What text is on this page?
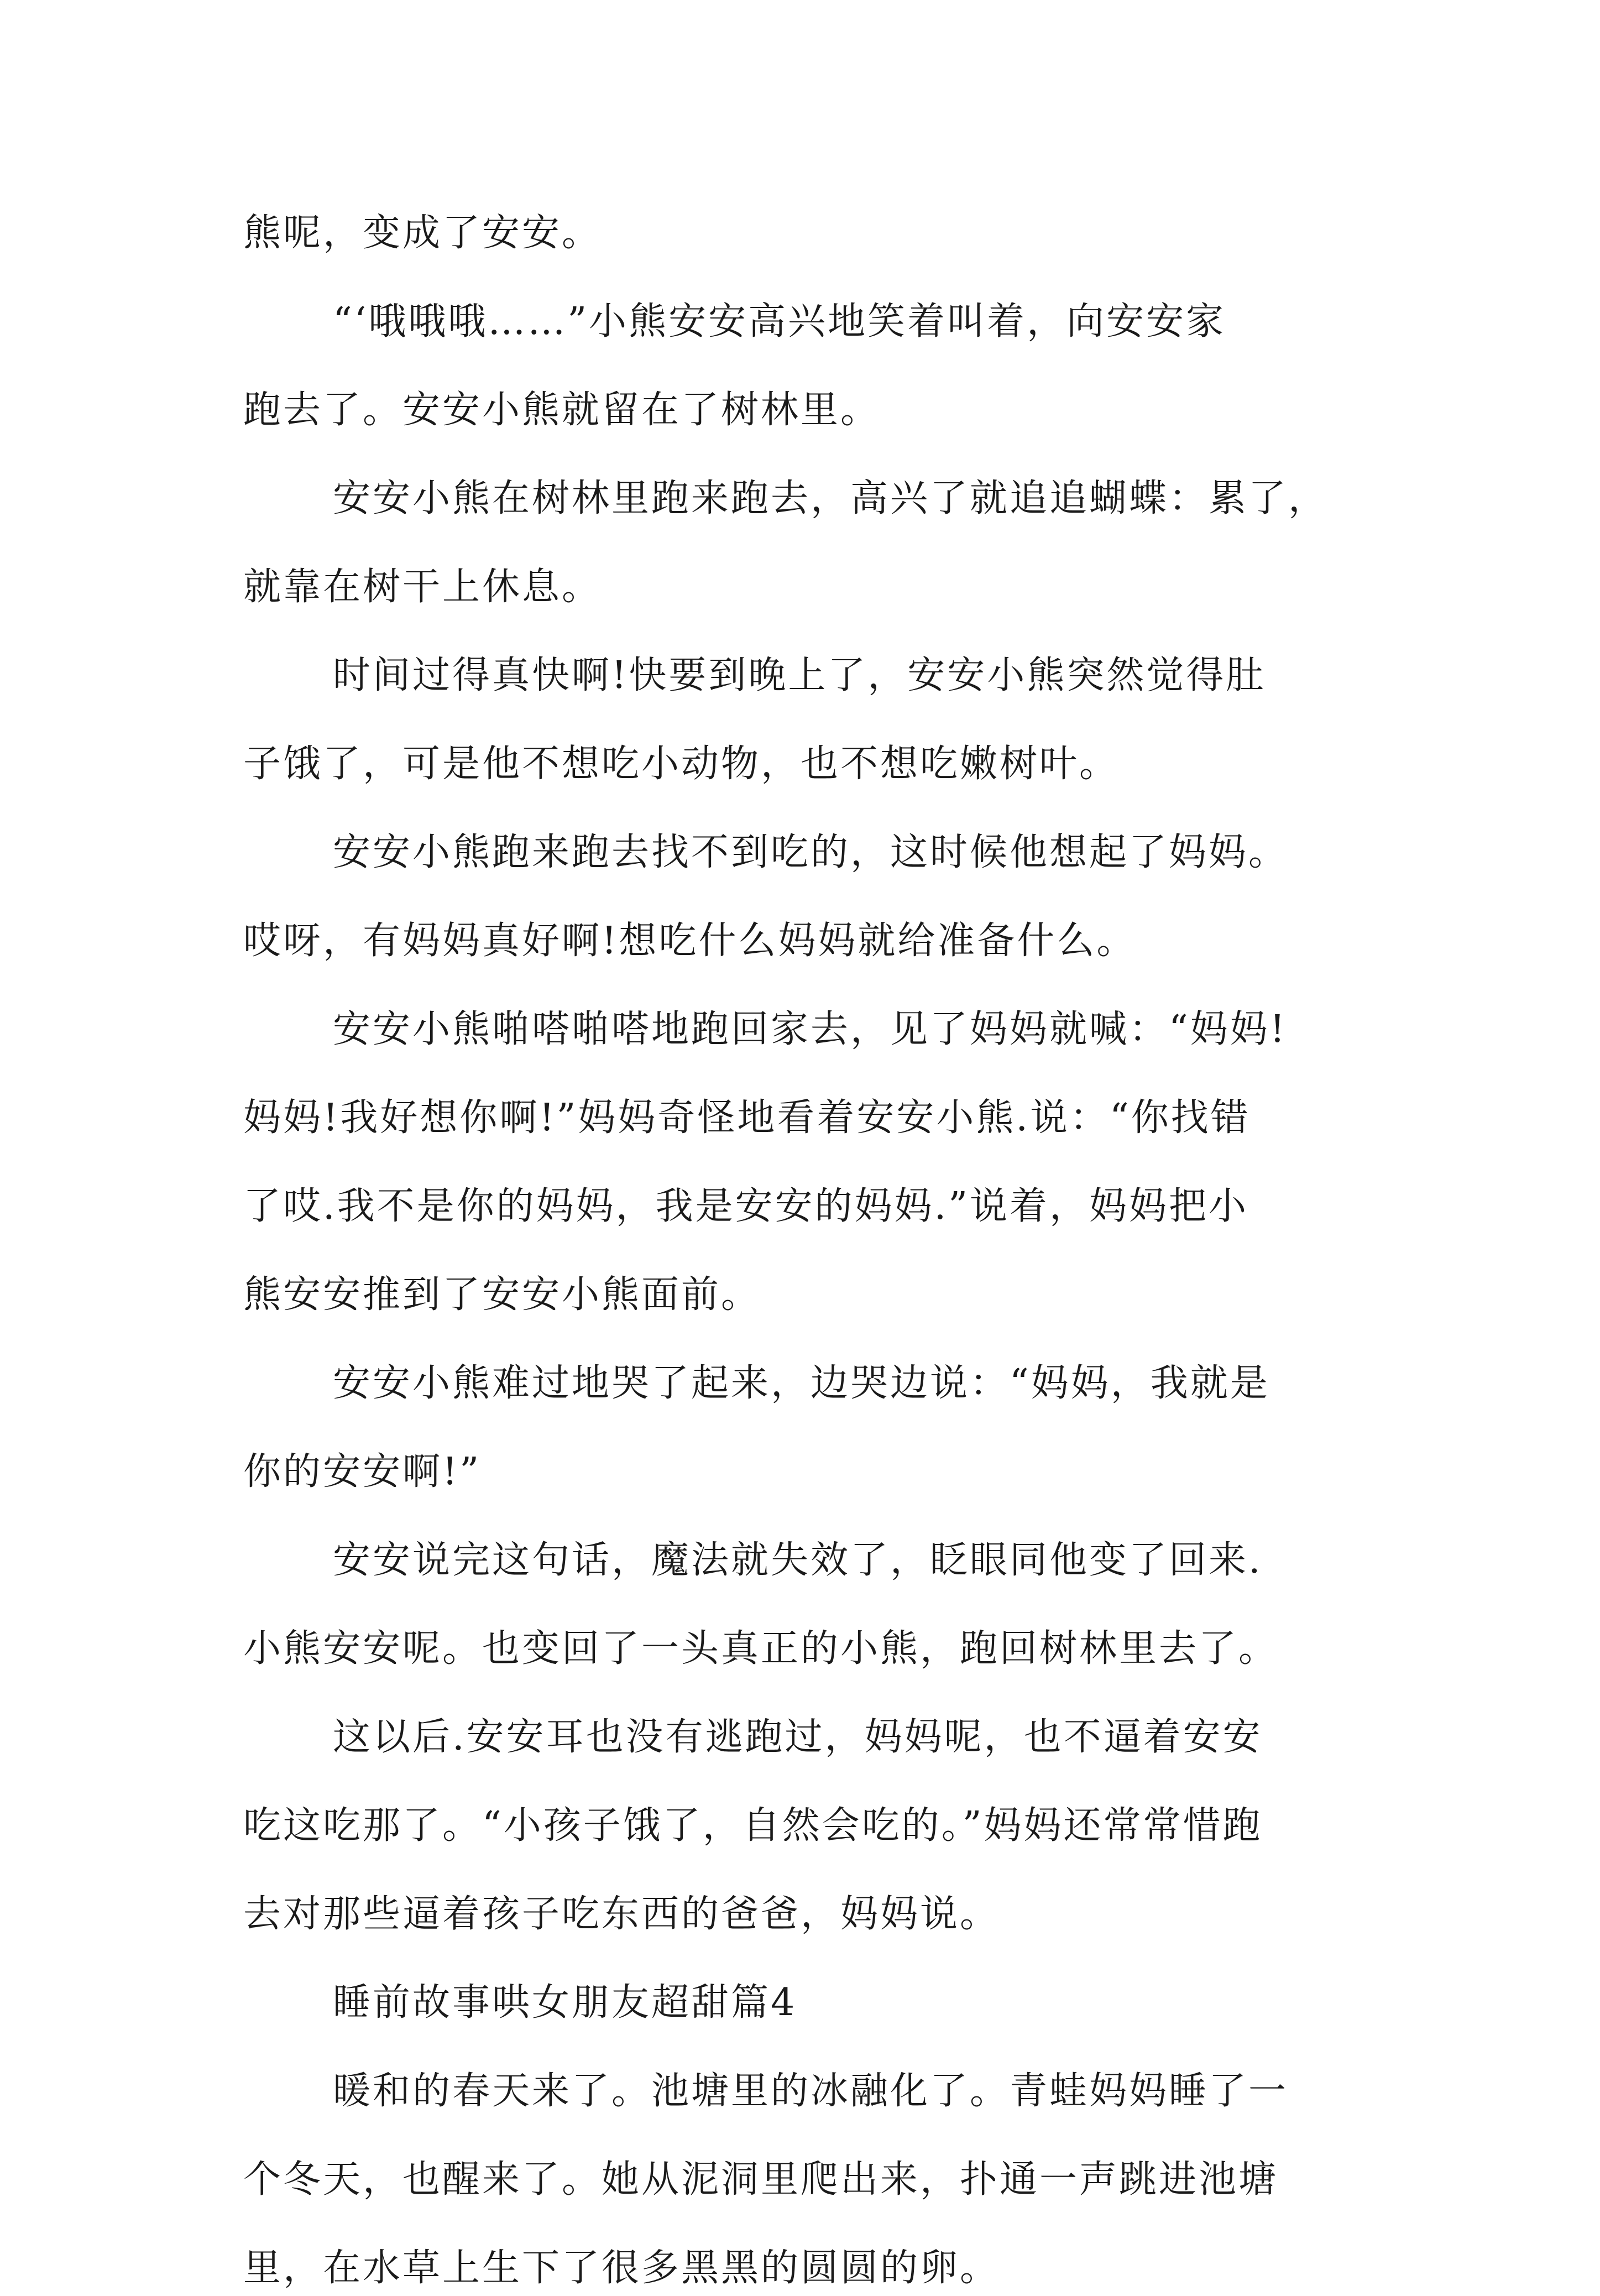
熊呢，变成了安安。
“‘哦哦哦……”小熊安安高兴地笑着叫着，向安安家
跑去了。安安小熊就留在了树林里。
安安小熊在树林里跑来跑去，高兴了就追追蝴蝶：累了，
就靠在树干上休息。
时间过得真快啊!快要到晚上了，安安小熊突然觉得肚
子饿了，可是他不想吃小动物，也不想吃嫩树叶。
安安小熊跑来跑去找不到吃的，这时候他想起了妈妈。
哎呀，有妈妈真好啊!想吃什么妈妈就给准备什么。
安安小熊啪嗒啪嗒地跑回家去，见了妈妈就喊：“妈妈!
妈妈!我好想你啊!”妈妈奇怪地看着安安小熊.说：“你找错
了哎.我不是你的妈妈，我是安安的妈妈.”说着，妈妈把小
熊安安推到了安安小熊面前。
安安小熊难过地哭了起来，边哭边说：“妈妈，我就是
你的安安啊!”
安安说完这句话，魔法就失效了，眨眼同他变了回来.
小熊安安呢。也变回了一头真正的小熊，跑回树林里去了。
这以后.安安耳也没有逃跑过，妈妈呢，也不逼着安安
吃这吃那了。“小孩子饿了，自然会吃的。”妈妈还常常惜跑
去对那些逼着孩子吃东西的爸爸，妈妈说。
睡前故事哄女朋友超甜篇4
暖和的春天来了。池塘里的冰融化了。青蛙妈妈睡了一
个冬天，也醒来了。她从泥洞里爬出来，扑通一声跳进池塘
里，在水草上生下了很多黑黑的圆圆的卵。
